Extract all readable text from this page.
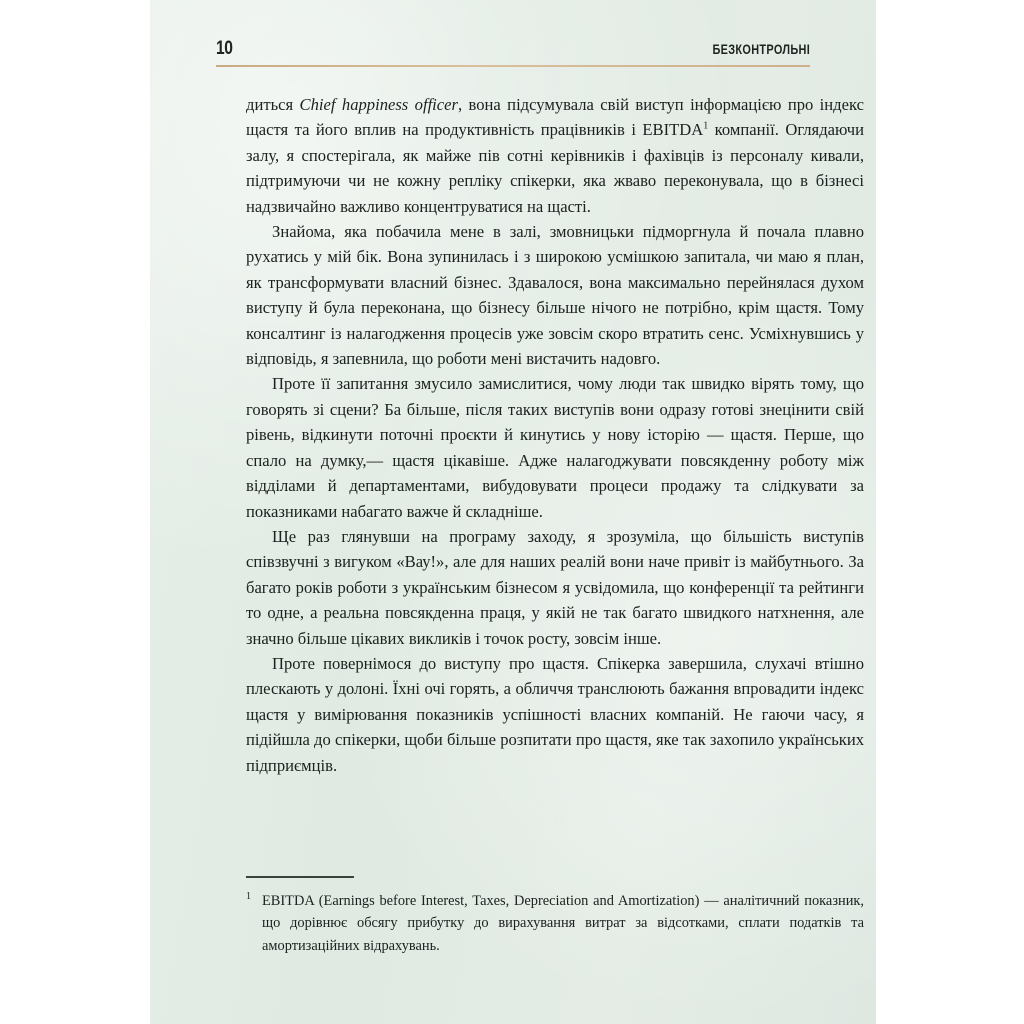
10	БЕЗКОНТРОЛЬНІ

диться Chief happiness officer, вона підсумувала свій виступ інформацією про індекс щастя та його вплив на продуктивність працівників і EBITDA$^1$ компанії. Оглядаючи залу, я спостерігала, як майже пів сотні керівників і фахівців із персоналу кивали, підтримуючи чи не кожну репліку спікерки, яка жваво переконувала, що в бізнесі надзвичайно важливо концентруватися на щасті.

Знайома, яка побачила мене в залі, змовницьки підморгнула й почала плавно рухатись у мій бік. Вона зупинилась і з широкою усмішкою запитала, чи маю я план, як трансформувати власний бізнес. Здавалося, вона максимально перейнялася духом виступу й була переконана, що бізнесу більше нічого не потрібно, крім щастя. Тому консалтинг із налагодження процесів уже зовсім скоро втратить сенс. Усміхнувшись у відповідь, я запевнила, що роботи мені вистачить надовго.

Проте її запитання змусило замислитися, чому люди так швидко вірять тому, що говорять зі сцени? Ба більше, після таких виступів вони одразу готові знецінити свій рівень, відкинути поточні проєкти й кинутись у нову історію — щастя. Перше, що спало на думку,— щастя цікавіше. Адже налагоджувати повсякденну роботу між відділами й департаментами, вибудовувати процеси продажу та слідкувати за показниками набагато важче й складніше.

Ще раз глянувши на програму заходу, я зрозуміла, що більшість виступів співзвучні з вигуком «Вау!», але для наших реалій вони наче привіт із майбутнього. За багато років роботи з українським бізнесом я усвідомила, що конференції та рейтинги то одне, а реальна повсякденна праця, у якій не так багато швидкого натхнення, але значно більше цікавих викликів і точок росту, зовсім інше.

Проте повернімося до виступу про щастя. Спікерка завершила, слухачі втішно плескають у долоні. Їхні очі горять, а обличчя транслюють бажання впровадити індекс щастя у вимірювання показників успішності власних компаній. Не гаючи часу, я підійшла до спікерки, щоби більше розпитати про щастя, яке так захопило українських підприємців.

1 EBITDA (Earnings before Interest, Taxes, Depreciation and Amortization) — аналітичний показник, що дорівнює обсягу прибутку до вирахування витрат за відсотками, сплати податків та амортизаційних відрахувань.
